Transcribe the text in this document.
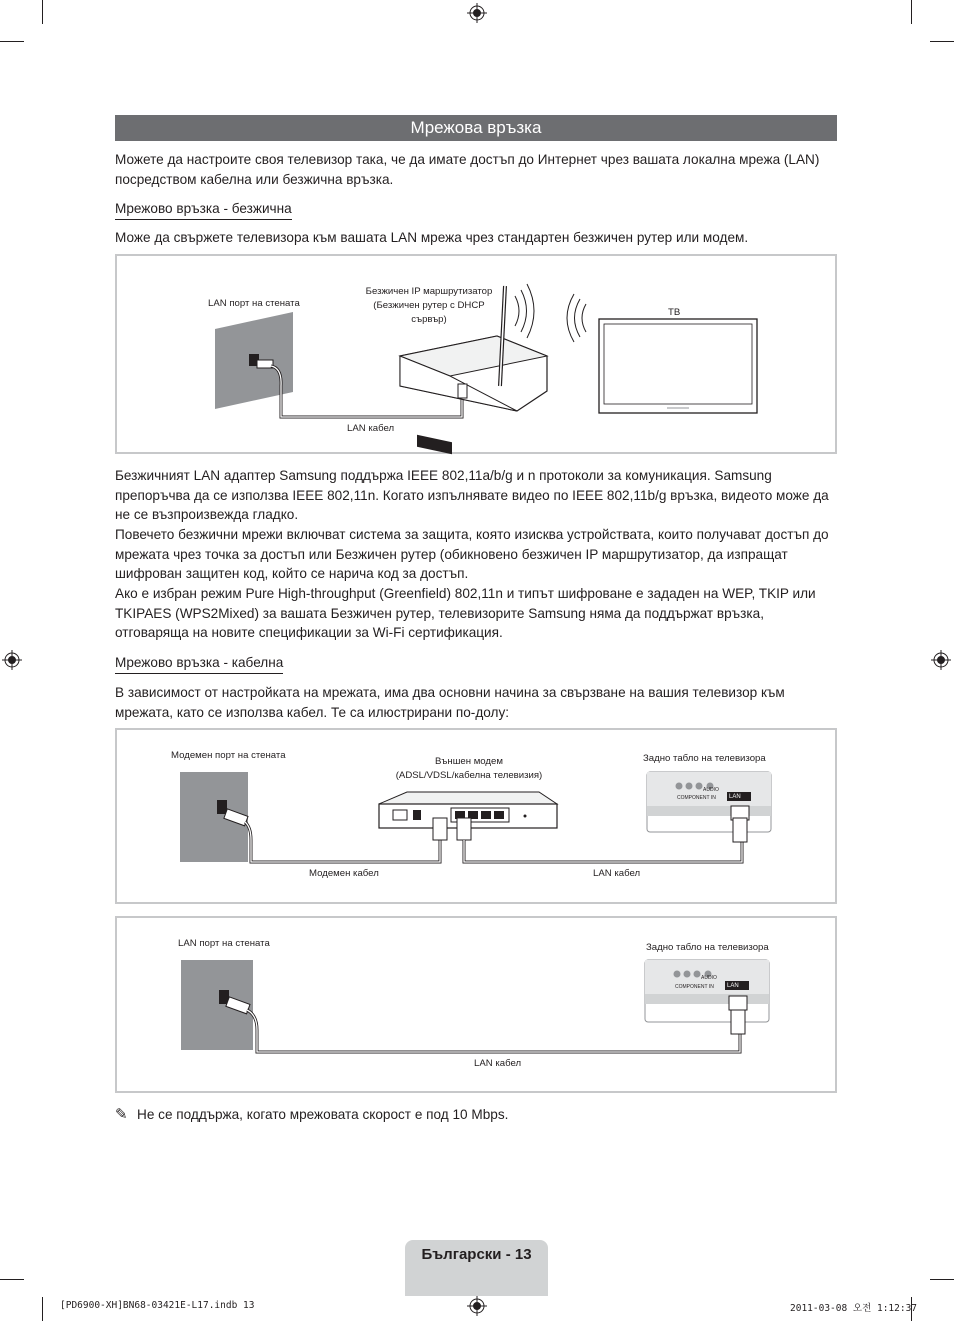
Мрежова връзка
Можете да настроите своя телевизор така, че да имате достъп до Интернет чрез вашата локална мрежа (LAN) посредством кабелна или безжична връзка.
Мрежово връзка - безжична
Може да свържете телевизора към вашата LAN мрежа чрез стандартен безжичен рутер или модем.
LAN порт на стената
Безжичен IP маршрутизатор
(Безжичен рутер с DHCP
сървър)
ТВ
LAN кабел
Безжичният LAN адаптер Samsung поддържа IEEE 802,11a/b/g и n протоколи за комуникация. Samsung препоръчва да се използва IEEE 802,11n. Когато изпълнявате видео по IEEE 802,11b/g връзка, видеото може да не се възпроизвежда гладко.
Повечето безжични мрежи включват система за защита, която изисква устройствата, които получават достъп до мрежата чрез точка за достъп или Безжичен рутер (обикновено безжичен IP маршрутизатор, да изпращат шифрован защитен код, който се нарича код за достъп.
Ако е избран режим Pure High-throughput (Greenfield) 802,11n и типът шифроване е зададен на WEP, TKIP или TKIPAES (WPS2Mixed) за вашата Безжичен рутер, телевизорите Samsung няма да поддържат връзка, отговаряща на новите спецификации за Wi-Fi сертификация.
Мрежово връзка - кабелна
В зависимост от настройката на мрежата, има два основни начина за свързване на вашия телевизор към мрежата, като се използва кабел. Те са илюстрирани по-долу:
Модемен порт на стената
Външен модем
(ADSL/VDSL/кабелна телевизия)
Задно табло на телевизора
LAN
AUDIO
COMPONENT IN
Модемен кабел	LAN кабел
LAN порт на стената	Задно табло на телевизора
LAN
AUDIO
COMPONENT IN
LAN кабел
✎ Не се поддържа, когато мрежовата скорост е под 10 Mbps.
Български - 13
[PD6900-XH]BN68-03421E-L17.indb 13	2011-03-08 오전 1:12:37
